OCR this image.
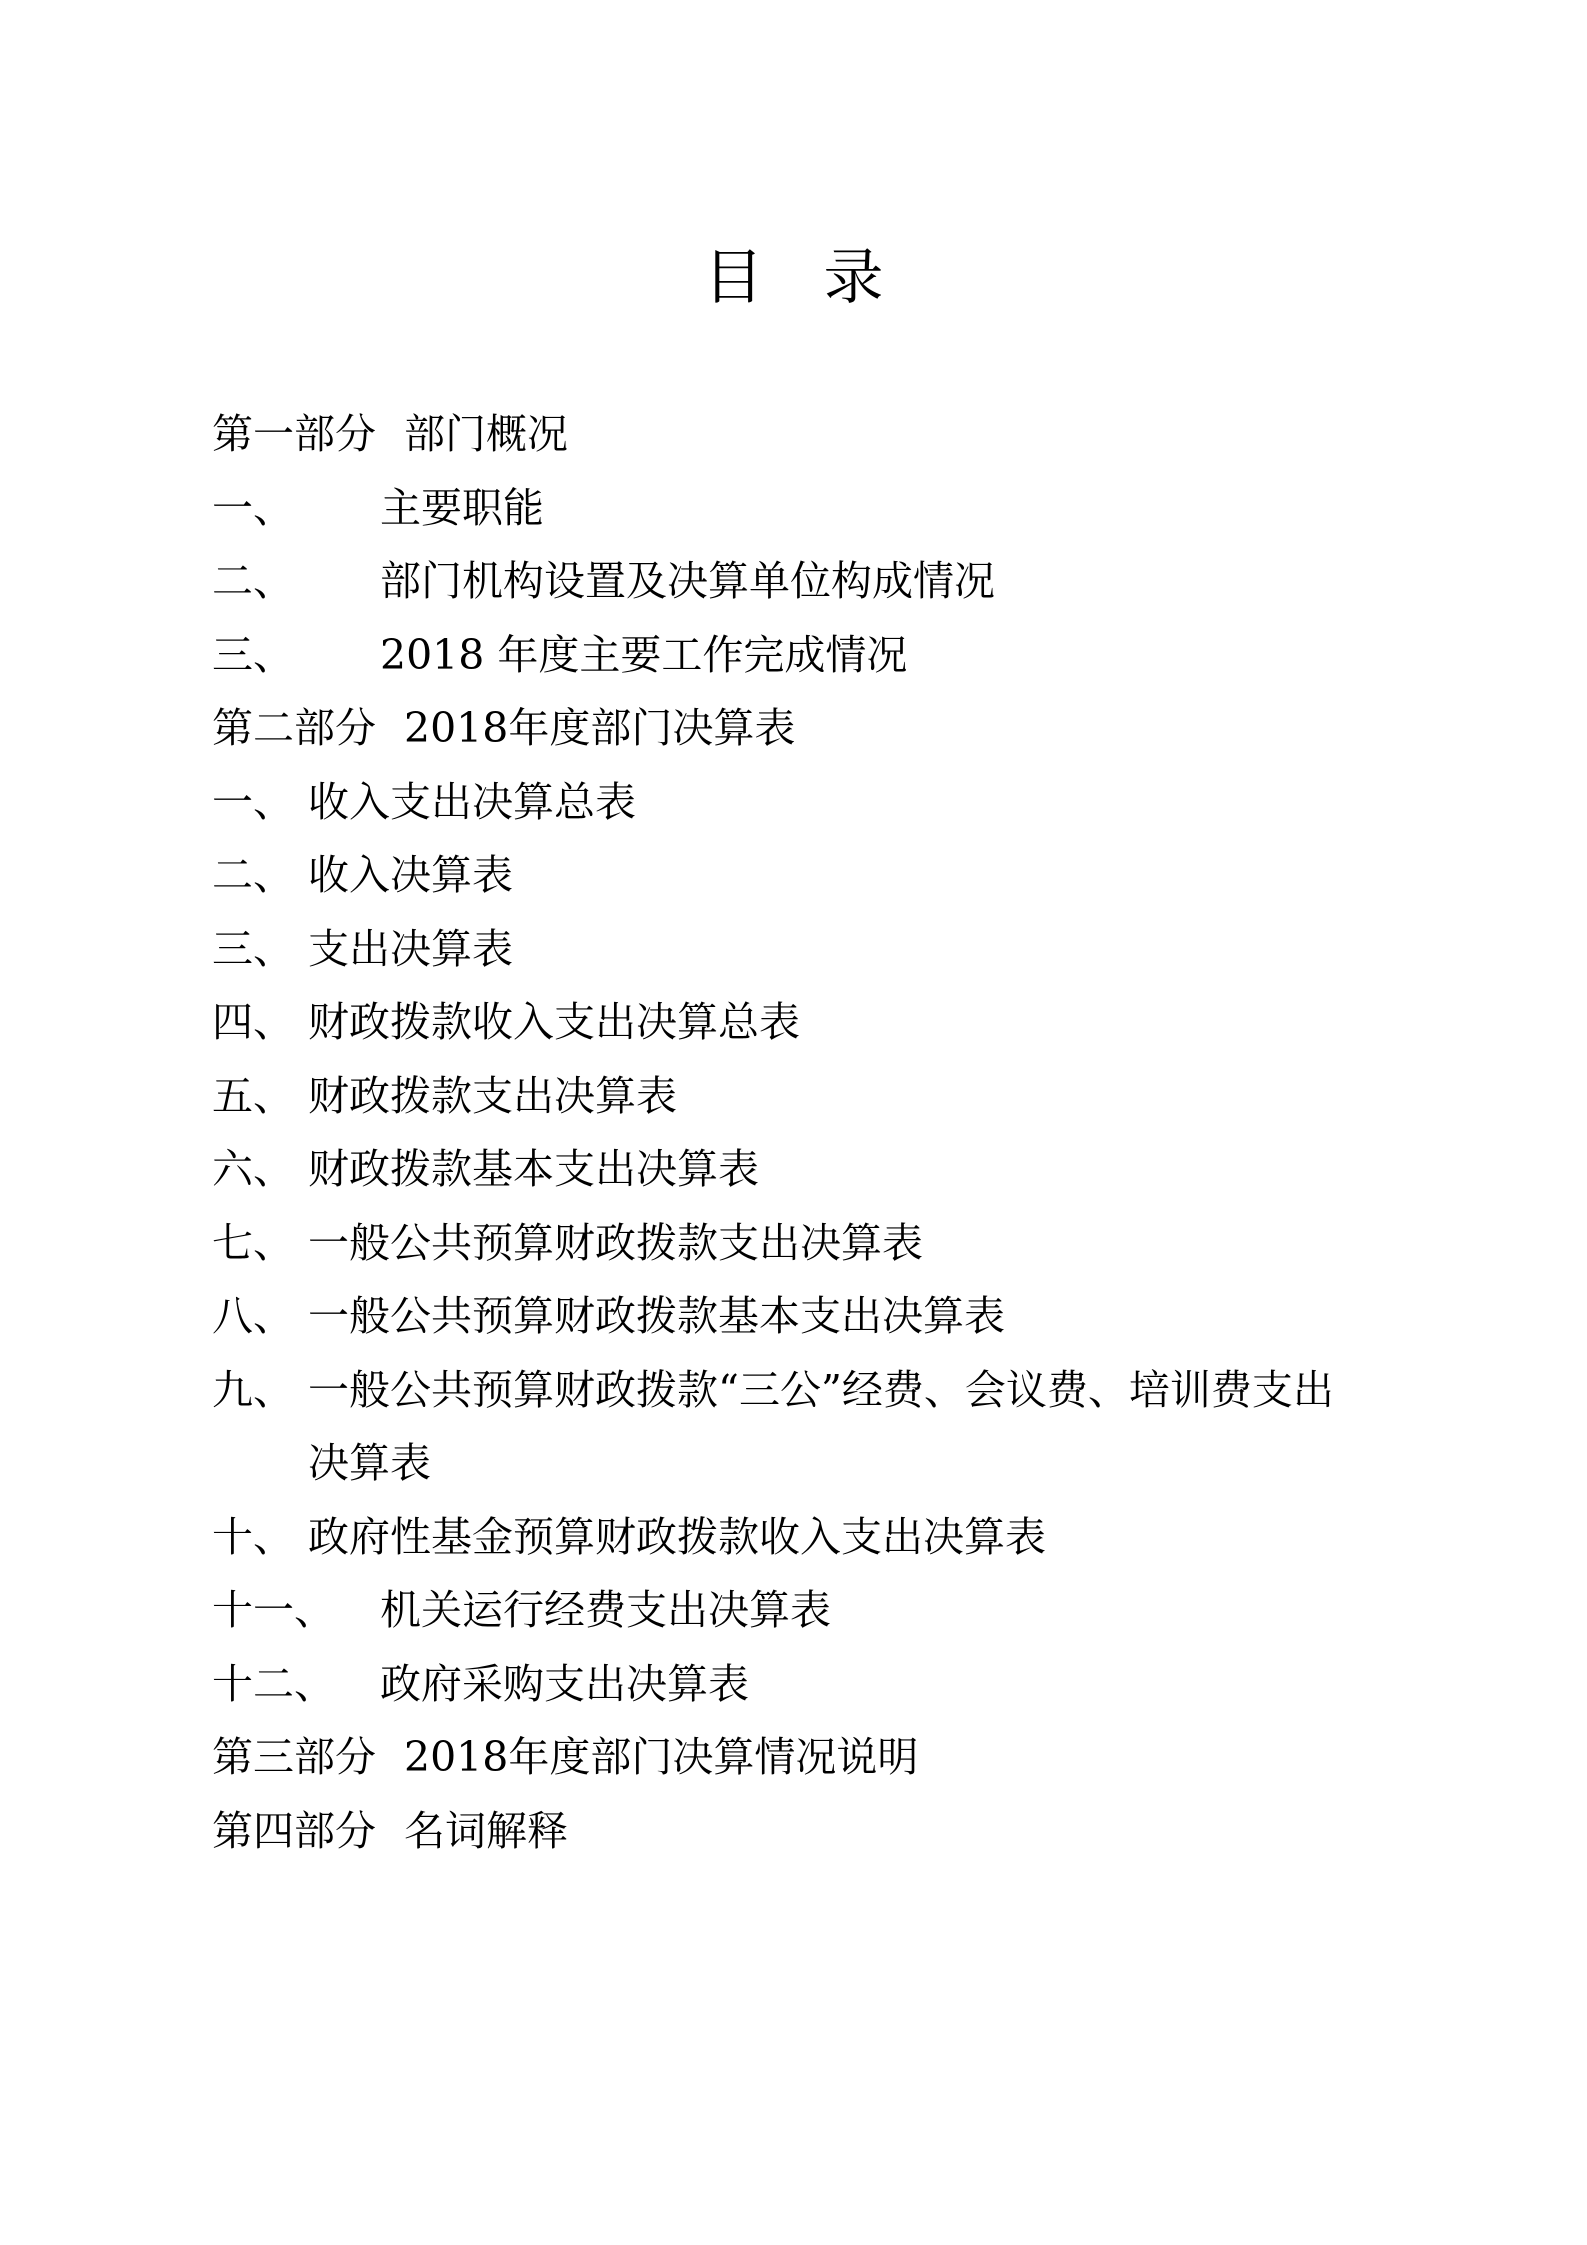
目 录
第一部分 部门概况
一、 主要职能
二、 部门机构设置及决算单位构成情况
三、 2018 年度主要工作完成情况
第二部分 2018年度部门决算表
一、 收入支出决算总表
二、 收入决算表
三、 支出决算表
四、 财政拨款收入支出决算总表
五、 财政拨款支出决算表
六、 财政拨款基本支出决算表
七、 一般公共预算财政拨款支出决算表
八、 一般公共预算财政拨款基本支出决算表
九、 一般公共预算财政拨款“三公”经费、会议费、培训费支出
决算表
十、 政府性基金预算财政拨款收入支出决算表
十一、 机关运行经费支出决算表
十二、 政府采购支出决算表
第三部分 2018年度部门决算情况说明
第四部分 名词解释
